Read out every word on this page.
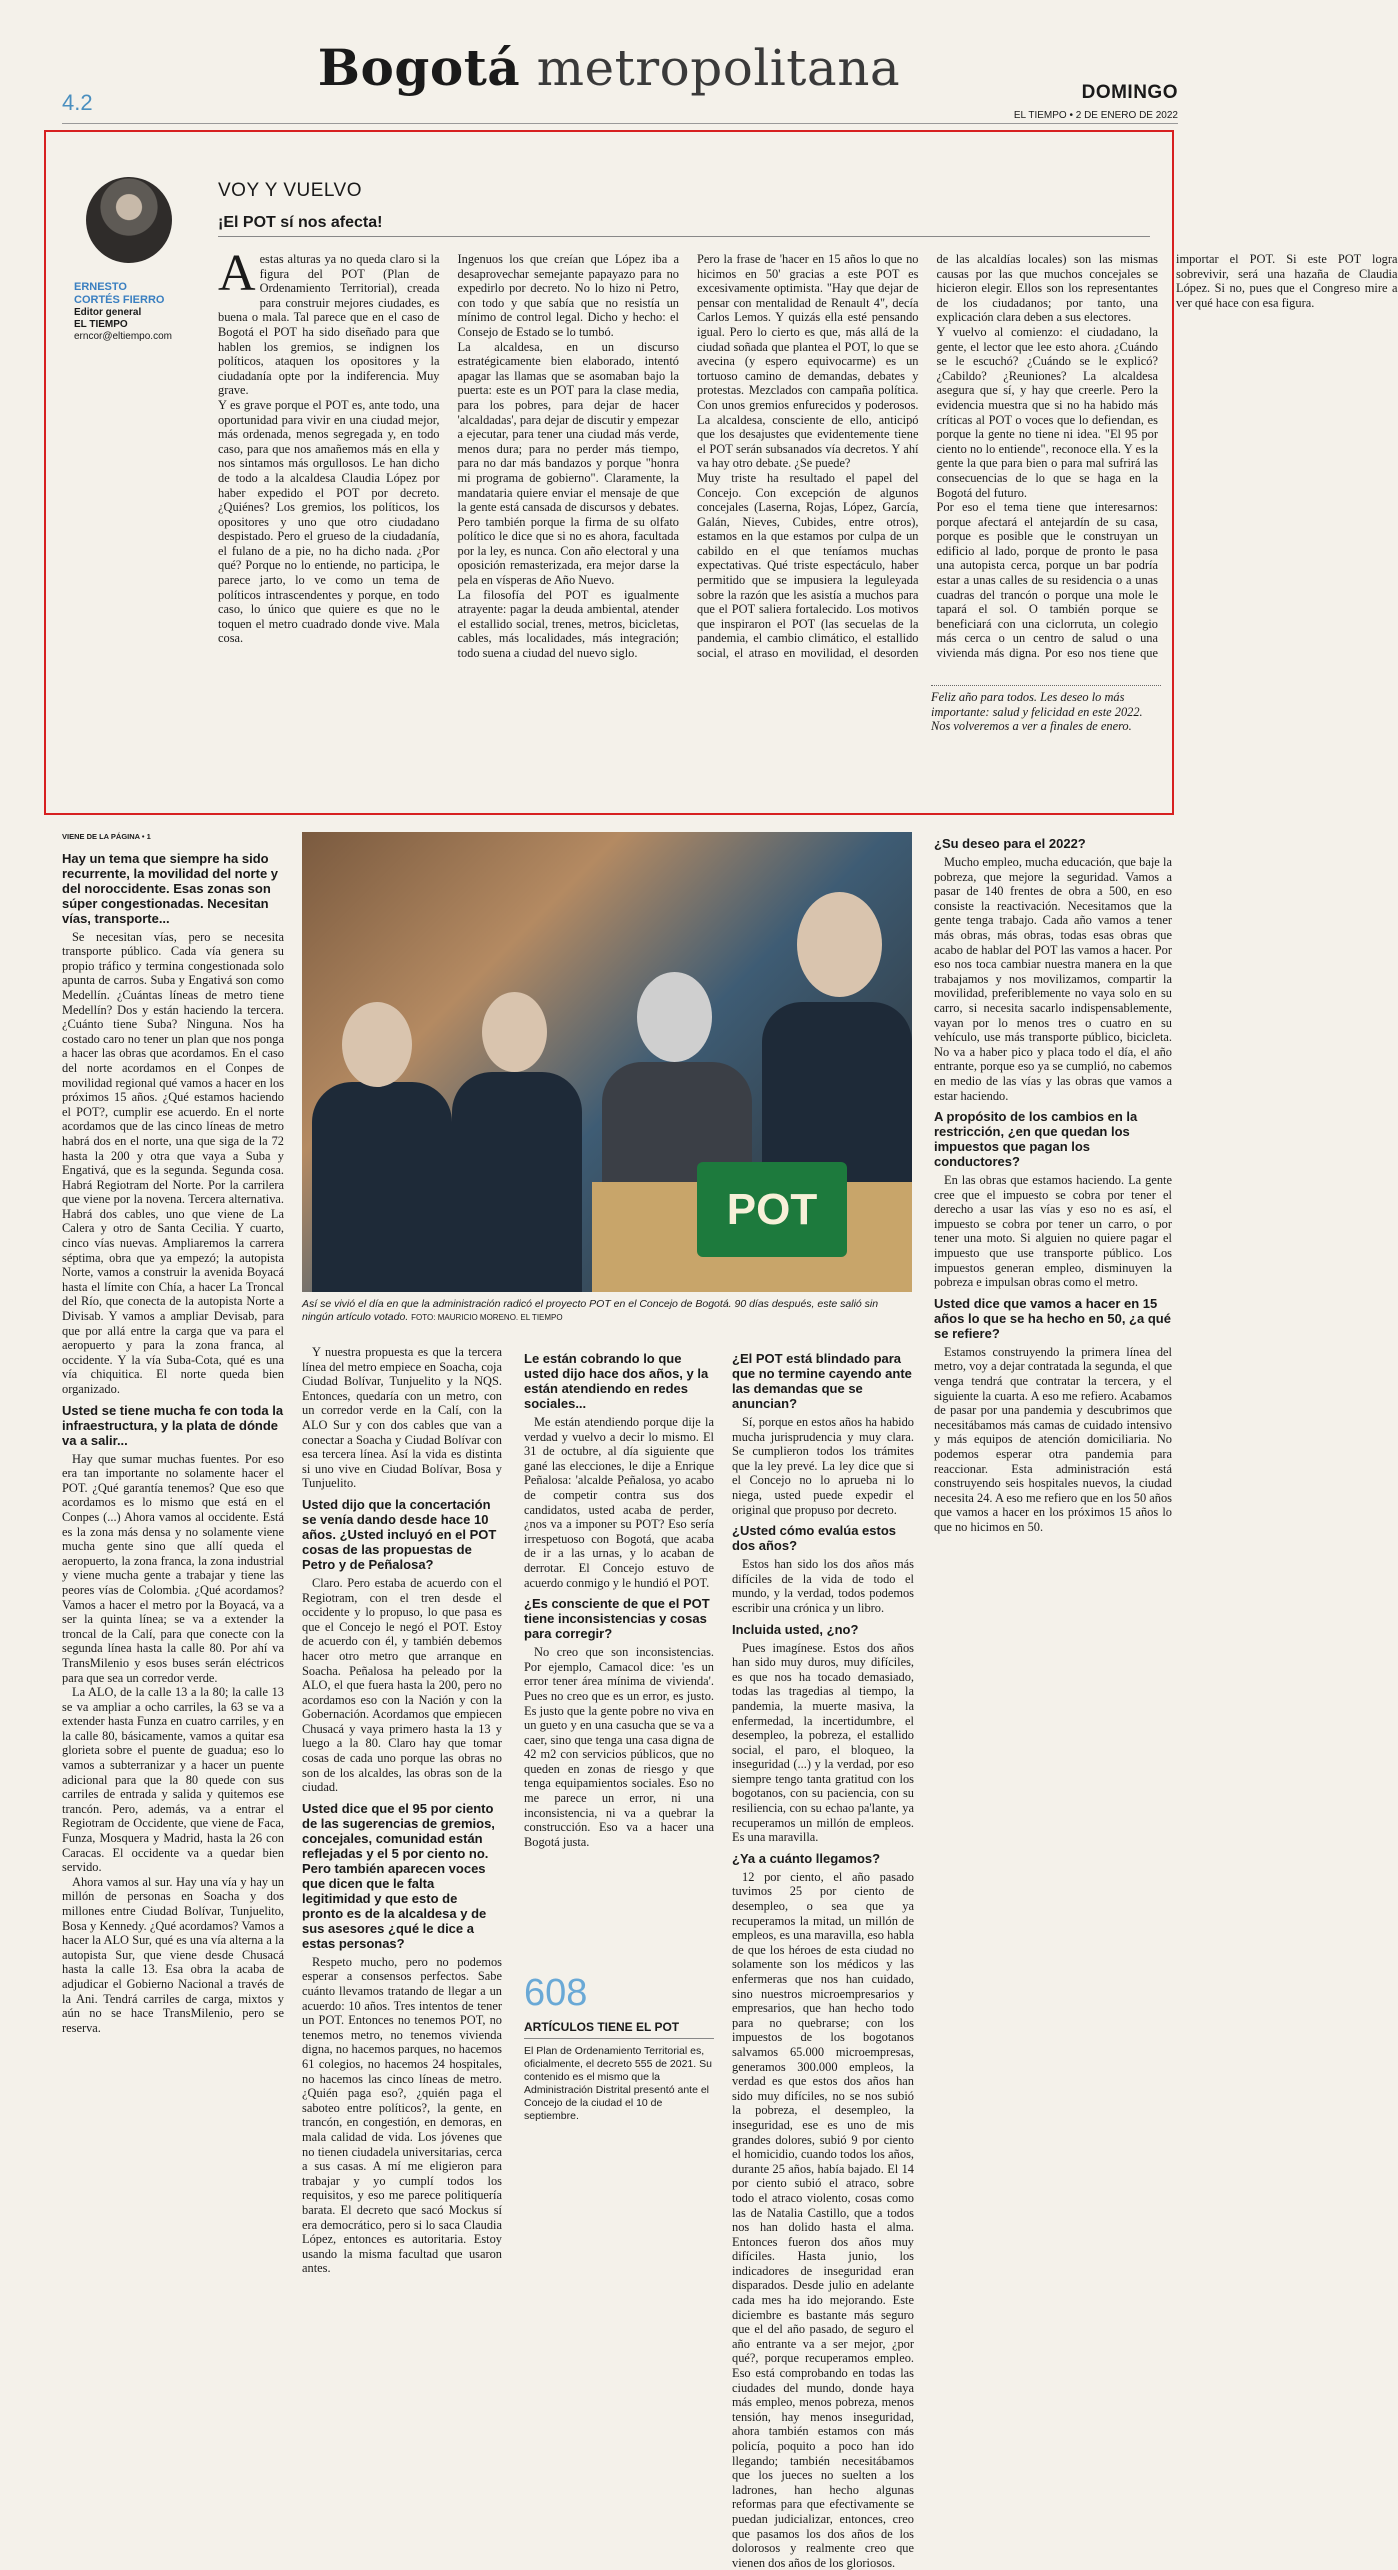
Bogotá metropolitana
4.2	DOMINGO
EL TIEMPO • 2 DE ENERO DE 2022
ERNESTO
CORTÉS FIERRO
Editor general
EL TIEMPO
erncor@eltiempo.com
VOY Y VUELVO
¡El POT sí nos afecta!

Aestas alturas ya no queda claro si la figura del POT (Plan de Ordenamiento Territorial), creada para construir mejores ciudades, es buena o mala. Tal parece que en el caso de Bogotá el POT ha sido diseñado para que hablen los gremios, se indignen los políticos, ataquen los opositores y la ciudadanía opte por la indiferencia. Muy grave.

Y es grave porque el POT es, ante todo, una oportunidad para vivir en una ciudad mejor, más ordenada, menos segregada y, en todo caso, para que nos amañemos más en ella y nos sintamos más orgullosos. Le han dicho de todo a la alcaldesa Claudia López por haber expedido el POT por decreto. ¿Quiénes? Los gremios, los políticos, los opositores y uno que otro ciudadano despistado. Pero el grueso de la ciudadanía, el fulano de a pie, no ha dicho nada. ¿Por qué? Porque no lo entiende, no participa, le parece jarto, lo ve como un tema de políticos intrascendentes y porque, en todo caso, lo único que quiere es que no le toquen el metro cuadrado donde vive. Mala cosa.

Ingenuos los que creían que López iba a desaprovechar semejante papayazo para no expedirlo por decreto. No lo hizo ni Petro, con todo y que sabía que no resistía un mínimo de control legal. Dicho y hecho: el Consejo de Estado se lo tumbó.

La alcaldesa, en un discurso estratégicamente bien elaborado, intentó apagar las llamas que se asomaban bajo la puerta: este es un POT para la clase media, para los pobres, para dejar de hacer 'alcaldadas', para dejar de discutir y empezar a ejecutar, para tener una ciudad más verde, menos dura; para no perder más tiempo, para no dar más bandazos y porque "honra mi programa de gobierno". Claramente, la mandataria quiere enviar el mensaje de que la gente está cansada de discursos y debates. Pero también porque la firma de su olfato político le dice que si no es ahora, facultada por la ley, es nunca. Con año electoral y una oposición remasterizada, era mejor darse la pela en vísperas de Año Nuevo.

La filosofía del POT es igualmente atrayente: pagar la deuda ambiental, atender el estallido social, trenes, metros, bicicletas, cables, más localidades, más integración; todo suena a ciudad del nuevo siglo.

Pero la frase de 'hacer en 15 años lo que no hicimos en 50' gracias a este POT es excesivamente optimista. "Hay que dejar de pensar con mentalidad de Renault 4", decía Carlos Lemos. Y quizás ella esté pensando igual. Pero lo cierto es que, más allá de la ciudad soñada que plantea el POT, lo que se avecina (y espero equivocarme) es un tortuoso camino de demandas, debates y protestas. Mezclados con campaña política. Con unos gremios enfurecidos y poderosos. La alcaldesa, consciente de ello, anticipó que los desajustes que evidentemente tiene el POT serán subsanados vía decretos. Y ahí va hay otro debate. ¿Se puede?

Muy triste ha resultado el papel del Concejo. Con excepción de algunos concejales (Laserna, Rojas, López, García, Galán, Nieves, Cubides, entre otros), estamos en la que estamos por culpa de un cabildo en el que teníamos muchas expectativas. Qué triste espectáculo, haber permitido que se impusiera la leguleyada sobre la razón que les asistía a muchos para que el POT saliera fortalecido. Los motivos que inspiraron el POT (las secuelas de la pandemia, el cambio climático, el estallido social, el atraso en movilidad, el desorden de las alcaldías locales) son las mismas causas por las que muchos concejales se hicieron elegir. Ellos son los representantes de los ciudadanos; por tanto, una explicación clara deben a sus electores.

Y vuelvo al comienzo: el ciudadano, la gente, el lector que lee esto ahora. ¿Cuándo se le escuchó? ¿Cuándo se le explicó? ¿Cabildo? ¿Reuniones? La alcaldesa asegura que sí, y hay que creerle. Pero la evidencia muestra que si no ha habido más críticas al POT o voces que lo defiendan, es porque la gente no tiene ni idea. "El 95 por ciento no lo entiende", reconoce ella. Y es la gente la que para bien o para mal sufrirá las consecuencias de lo que se haga en la Bogotá del futuro.

Por eso el tema tiene que interesarnos: porque afectará el antejardín de su casa, porque es posible que le construyan un edificio al lado, porque de pronto le pasa una autopista cerca, porque un bar podría estar a unas calles de su residencia o a unas cuadras del trancón o porque una mole le tapará el sol. O también porque se beneficiará con una ciclorruta, un colegio más cerca o un centro de salud o una vivienda más digna. Por eso nos tiene que importar el POT. Si este POT logra sobrevivir, será una hazaña de Claudia López. Si no, pues que el Congreso mire a ver qué hace con esa figura.

Feliz año para todos. Les deseo lo más importante: salud y felicidad en este 2022. Nos volveremos a ver a finales de enero.
VIENE DE LA PÁGINA • 1
Hay un tema que siempre ha sido recurrente, la movilidad del norte y del noroccidente. Esas zonas son súper congestionadas. Necesitan vías, transporte...

Se necesitan vías, pero se necesita transporte público. Cada vía genera su propio tráfico y termina congestionada solo apunta de carros. Suba y Engativá son como Medellín. ¿Cuántas líneas de metro tiene Medellín? Dos y están haciendo la tercera. ¿Cuánto tiene Suba? Ninguna. Nos ha costado caro no tener un plan que nos ponga a hacer las obras que acordamos. En el caso del norte acordamos en el Conpes de movilidad regional qué vamos a hacer en los próximos 15 años. ¿Qué estamos haciendo el POT?, cumplir ese acuerdo. En el norte acordamos que de las cinco líneas de metro habrá dos en el norte, una que siga de la 72 hasta la 200 y otra que vaya a Suba y Engativá, que es la segunda. Segunda cosa. Habrá Regiotram del Norte. Por la carrilera que viene por la novena. Tercera alternativa. Habrá dos cables, uno que viene de La Calera y otro de Santa Cecilia. Y cuarto, cinco vías nuevas. Ampliaremos la carrera séptima, obra que ya empezó; la autopista Norte, vamos a construir la avenida Boyacá hasta el límite con Chía, a hacer La Troncal del Río, que conecta de la autopista Norte a Divisab. Y vamos a ampliar Devisab, para que por allá entre la carga que va para el aeropuerto y para la zona franca, al occidente. Y la vía Suba-Cota, qué es una vía chiquitica. El norte queda bien organizado.

Usted se tiene mucha fe con toda la infraestructura, y la plata de dónde va a salir...

Hay que sumar muchas fuentes. Por eso era tan importante no solamente hacer el POT. ¿Qué garantía tenemos? Que eso que acordamos es lo mismo que está en el Conpes (...) Ahora vamos al occidente. Está es la zona más densa y no solamente viene mucha gente sino que allí queda el aeropuerto, la zona franca, la zona industrial y viene mucha gente a trabajar y tiene las peores vías de Colombia. ¿Qué acordamos? Vamos a hacer el metro por la Boyacá, va a ser la quinta línea; se va a extender la troncal de la Calí, para que conecte con la segunda línea hasta la calle 80. Por ahí va TransMilenio y esos buses serán eléctricos para que sea un corredor verde.

La ALO, de la calle 13 a la 80; la calle 13 se va ampliar a ocho carriles, la 63 se va a extender hasta Funza en cuatro carriles, y en la calle 80, básicamente, vamos a quitar esa glorieta sobre el puente de guadua; eso lo vamos a subterranizar y a hacer un puente adicional para que la 80 quede con sus carriles de entrada y salida y quitemos ese trancón. Pero, además, va a entrar el Regiotram de Occidente, que viene de Faca, Funza, Mosquera y Madrid, hasta la 26 con Caracas. El occidente va a quedar bien servido.

Ahora vamos al sur. Hay una vía y hay un millón de personas en Soacha y dos millones entre Ciudad Bolívar, Tunjuelito, Bosa y Kennedy. ¿Qué acordamos? Vamos a hacer la ALO Sur, qué es una vía alterna a la autopista Sur, que viene desde Chusacá hasta la calle 13. Esa obra la acaba de adjudicar el Gobierno Nacional a través de la Ani. Tendrá carriles de carga, mixtos y aún no se hace TransMilenio, pero se reserva.

POT
Así se vivió el día en que la administración radicó el proyecto POT en el Concejo de Bogotá. 90 días después, este salió sin ningún artículo votado. FOTO: MAURICIO MORENO. EL TIEMPO

Y nuestra propuesta es que la tercera línea del metro empiece en Soacha, coja Ciudad Bolívar, Tunjuelito y la NQS. Entonces, quedaría con un metro, con un corredor verde en la Calí, con la ALO Sur y con dos cables que van a conectar a Soacha y Ciudad Bolívar con esa tercera línea. Así la vida es distinta si uno vive en Ciudad Bolívar, Bosa y Tunjuelito.

Usted dijo que la concertación se venía dando desde hace 10 años. ¿Usted incluyó en el POT cosas de las propuestas de Petro y de Peñalosa?

Claro. Pero estaba de acuerdo con el Regiotram, con el tren desde el occidente y lo propuso, lo que pasa es que el Concejo le negó el POT. Estoy de acuerdo con él, y también debemos hacer otro metro que arranque en Soacha. Peñalosa ha peleado por la ALO, el que fuera hasta la 200, pero no acordamos eso con la Nación y con la Gobernación. Acordamos que empiecen Chusacá y vaya primero hasta la 13 y luego a la 80. Claro hay que tomar cosas de cada uno porque las obras no son de los alcaldes, las obras son de la ciudad.

Usted dice que el 95 por ciento de las sugerencias de gremios, concejales, comunidad están reflejadas y el 5 por ciento no. Pero también aparecen voces que dicen que le falta legitimidad y que esto de pronto es de la alcaldesa y de sus asesores ¿qué le dice a estas personas?

Respeto mucho, pero no podemos esperar a consensos perfectos. Sabe cuánto llevamos tratando de llegar a un acuerdo: 10 años. Tres intentos de tener un POT. Entonces no tenemos POT, no tenemos metro, no tenemos vivienda digna, no hacemos parques, no hacemos 61 colegios, no hacemos 24 hospitales, no hacemos las cinco líneas de metro. ¿Quién paga eso?, ¿quién paga el saboteo entre políticos?, la gente, en trancón, en congestión, en demoras, en mala calidad de vida. Los jóvenes que no tienen ciudadela universitarias, cerca a sus casas. A mí me eligieron para trabajar y yo cumplí todos los requisitos, y eso me parece politiquería barata. El decreto que sacó Mockus sí era democrático, pero si lo saca Claudia López, entonces es autoritaria. Estoy usando la misma facultad que usaron antes.

Le están cobrando lo que usted dijo hace dos años, y la están atendiendo en redes sociales...

Me están atendiendo porque dije la verdad y vuelvo a decir lo mismo. El 31 de octubre, al día siguiente que gané las elecciones, le dije a Enrique Peñalosa: 'alcalde Peñalosa, yo acabo de competir contra sus dos candidatos, usted acaba de perder, ¿nos va a imponer su POT? Eso sería irrespetuoso con Bogotá, que acaba de ir a las urnas, y lo acaban de derrotar. El Concejo estuvo de acuerdo conmigo y le hundió el POT.

¿Es consciente de que el POT tiene inconsistencias y cosas para corregir?

No creo que son inconsistencias. Por ejemplo, Camacol dice: 'es un error tener área mínima de vivienda'. Pues no creo que es un error, es justo. Es justo que la gente pobre no viva en un gueto y en una casucha que se va a caer, sino que tenga una casa digna de 42 m2 con servicios públicos, que no queden en zonas de riesgo y que tenga equipamientos sociales. Eso no me parece un error, ni una inconsistencia, ni va a quebrar la construcción. Eso va a hacer una Bogotá justa.

¿El POT está blindado para que no termine cayendo ante las demandas que se anuncian?

Sí, porque en estos años ha habido mucha jurisprudencia y muy clara. Se cumplieron todos los trámites que la ley prevé. La ley dice que si el Concejo no lo aprueba ni lo niega, usted puede expedir el original que propuso por decreto.

¿Usted cómo evalúa estos dos años?

Estos han sido los dos años más difíciles de la vida de todo el mundo, y la verdad, todos podemos escribir una crónica y un libro.

Incluida usted, ¿no?

Pues imagínese. Estos dos años han sido muy duros, muy difíciles, es que nos ha tocado demasiado, todas las tragedias al tiempo, la pandemia, la muerte masiva, la enfermedad, la incertidumbre, el desempleo, la pobreza, el estallido social, el paro, el bloqueo, la inseguridad (...) y la verdad, por eso siempre tengo tanta gratitud con los bogotanos, con su paciencia, con su resiliencia, con su echao pa'lante, ya recuperamos un millón de empleos. Es una maravilla.

¿Ya a cuánto llegamos?

12 por ciento, el año pasado tuvimos 25 por ciento de desempleo, o sea que ya recuperamos la mitad, un millón de empleos, es una maravilla, eso habla de que los héroes de esta ciudad no solamente son los médicos y las enfermeras que nos han cuidado, sino nuestros microempresarios y empresarios, que han hecho todo para no quebrarse; con los impuestos de los bogotanos salvamos 65.000 microempresas, generamos 300.000 empleos, la verdad es que estos dos años han sido muy difíciles, no se nos subió la pobreza, el desempleo, la inseguridad, ese es uno de mis grandes dolores, subió 9 por ciento el homicidio, cuando todos los años, durante 25 años, había bajado. El 14 por ciento subió el atraco, sobre todo el atraco violento, cosas como las de Natalia Castillo, que a todos nos han dolido hasta el alma. Entonces fueron dos años muy difíciles. Hasta junio, los indicadores de inseguridad eran disparados. Desde julio en adelante cada mes ha ido mejorando. Este diciembre es bastante más seguro que el del año pasado, de seguro el año entrante va a ser mejor, ¿por qué?, porque recuperamos empleo. Eso está comprobando en todas las ciudades del mundo, donde haya más empleo, menos pobreza, menos tensión, hay menos inseguridad, ahora también estamos con más policía, poquito a poco han ido llegando; también necesitábamos que los jueces no suelten a los ladrones, han hecho algunas reformas para que efectivamente se puedan judicializar, entonces, creo que pasamos los dos años de los dolorosos y realmente creo que vienen dos años de los gloriosos.

¿Su deseo para el 2022?

Mucho empleo, mucha educación, que baje la pobreza, que mejore la seguridad. Vamos a pasar de 140 frentes de obra a 500, en eso consiste la reactivación. Necesitamos que la gente tenga trabajo. Cada año vamos a tener más obras, más obras, todas esas obras que acabo de hablar del POT las vamos a hacer. Por eso nos toca cambiar nuestra manera en la que trabajamos y nos movilizamos, compartir la movilidad, preferiblemente no vaya solo en su carro, si necesita sacarlo indispensablemente, vayan por lo menos tres o cuatro en su vehículo, use más transporte público, bicicleta. No va a haber pico y placa todo el día, el año entrante, porque eso ya se cumplió, no cabemos en medio de las vías y las obras que vamos a estar haciendo.

A propósito de los cambios en la restricción, ¿en que quedan los impuestos que pagan los conductores?

En las obras que estamos haciendo. La gente cree que el impuesto se cobra por tener el derecho a usar las vías y eso no es así, el impuesto se cobra por tener un carro, o por tener una moto. Si alguien no quiere pagar el impuesto que use transporte público. Los impuestos generan empleo, disminuyen la pobreza e impulsan obras como el metro.

Usted dice que vamos a hacer en 15 años lo que se ha hecho en 50, ¿a qué se refiere?

Estamos construyendo la primera línea del metro, voy a dejar contratada la segunda, el que venga tendrá que contratar la tercera, y el siguiente la cuarta. A eso me refiero. Acabamos de pasar por una pandemia y descubrimos que necesitábamos más camas de cuidado intensivo y más equipos de atención domiciliaria. No podemos esperar otra pandemia para reaccionar. Esta administración está construyendo seis hospitales nuevos, la ciudad necesita 24. A eso me refiero que en los 50 años que vamos a hacer en los próximos 15 años lo que no hicimos en 50.

608
ARTÍCULOS TIENE EL POT
El Plan de Ordenamiento Territorial es, oficialmente, el decreto 555 de 2021. Su contenido es el mismo que la Administración Distrital presentó ante el Concejo de la ciudad el 10 de septiembre.
